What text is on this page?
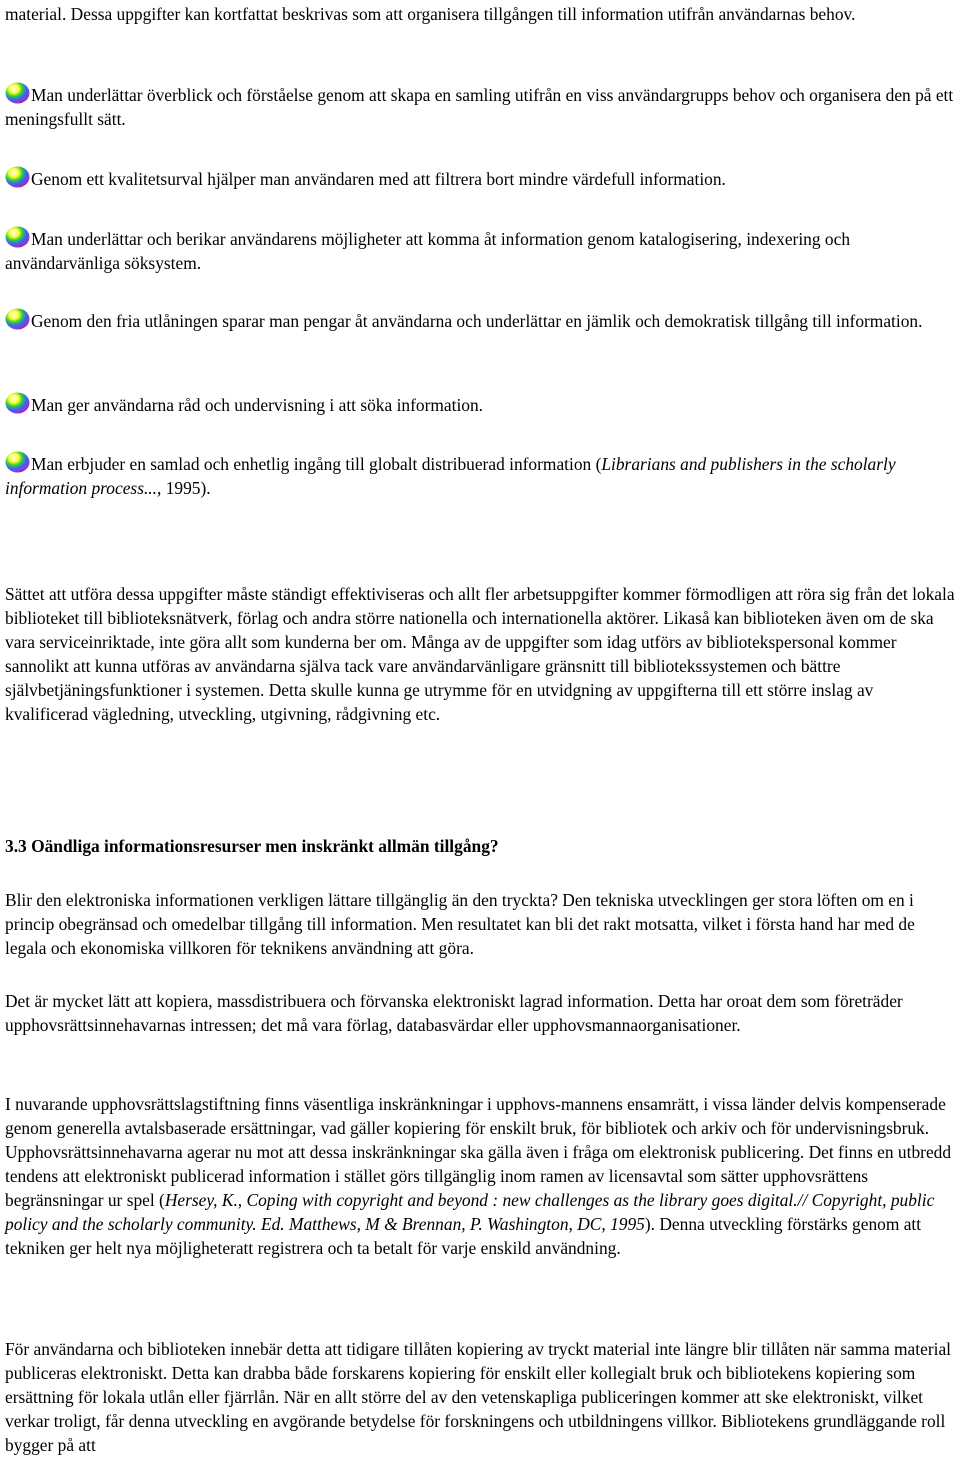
material. Dessa uppgifter kan kortfattat beskrivas som att organisera tillgången till information utifrån användarnas behov.

Man underlättar överblick och förståelse genom att skapa en samling utifrån en viss användargrupps behov och organisera den på ett meningsfullt sätt.

Genom ett kvalitetsurval hjälper man användaren med att filtrera bort mindre värdefull information.

Man underlättar och berikar användarens möjligheter att komma åt information genom katalogisering, indexering och användarvänliga söksystem.

Genom den fria utlåningen sparar man pengar åt användarna och underlättar en jämlik och demokratisk tillgång till information.

Man ger användarna råd och undervisning i att söka information.

Man erbjuder en samlad och enhetlig ingång till globalt distribuerad information (Librarians and publishers in the scholarly information process..., 1995).

Sättet att utföra dessa uppgifter måste ständigt effektiviseras och allt fler arbetsuppgifter kommer förmodligen att röra sig från det lokala biblioteket till biblioteksnätverk, förlag och andra större nationella och internationella aktörer. Likaså kan biblioteken även om de ska vara serviceinriktade, inte göra allt som kunderna ber om. Många av de uppgifter som idag utförs av bibliotekspersonal kommer sannolikt att kunna utföras av användarna själva tack vare användarvänligare gränsnitt till bibliotekssystemen och bättre självbetjäningsfunktioner i systemen. Detta skulle kunna ge utrymme för en utvidgning av uppgifterna till ett större inslag av kvalificerad vägledning, utveckling, utgivning, rådgivning etc.

3.3 Oändliga informationsresurser men inskränkt allmän tillgång?

Blir den elektroniska informationen verkligen lättare tillgänglig än den tryckta? Den tekniska utvecklingen ger stora löften om en i princip obegränsad och omedelbar tillgång till information. Men resultatet kan bli det rakt motsatta, vilket i första hand har med de legala och ekonomiska villkoren för teknikens användning att göra.

Det är mycket lätt att kopiera, massdistribuera och förvanska elektroniskt lagrad information. Detta har oroat dem som företräder upphovsrättsinnehavarnas intressen; det må vara förlag, databasvärdar eller upphovsmannaorganisationer.

I nuvarande upphovsrättslagstiftning finns väsentliga inskränkningar i upphovs-mannens ensamrätt, i vissa länder delvis kompenserade genom generella avtalsbaserade ersättningar, vad gäller kopiering för enskilt bruk, för bibliotek och arkiv och för undervisningsbruk. Upphovsrättsinnehavarna agerar nu mot att dessa inskränkningar ska gälla även i fråga om elektronisk publicering. Det finns en utbredd tendens att elektroniskt publicerad information i stället görs tillgänglig inom ramen av licensavtal som sätter upphovsrättens begränsningar ur spel (Hersey, K., Coping with copyright and beyond : new challenges as the library goes digital.// Copyright, public policy and the scholarly community. Ed. Matthews, M & Brennan, P. Washington, DC, 1995). Denna utveckling förstärks genom att tekniken ger helt nya möjligheteratt registrera och ta betalt för varje enskild användning.

För användarna och biblioteken innebär detta att tidigare tillåten kopiering av tryckt material inte längre blir tillåten när samma material publiceras elektroniskt. Detta kan drabba både forskarens kopiering för enskilt eller kollegialt bruk och bibliotekens kopiering som ersättning för lokala utlån eller fjärrlån. När en allt större del av den vetenskapliga publiceringen kommer att ske elektroniskt, vilket verkar troligt, får denna utveckling en avgörande betydelse för forskningens och utbildningens villkor. Bibliotekens grundläggande roll bygger på att
